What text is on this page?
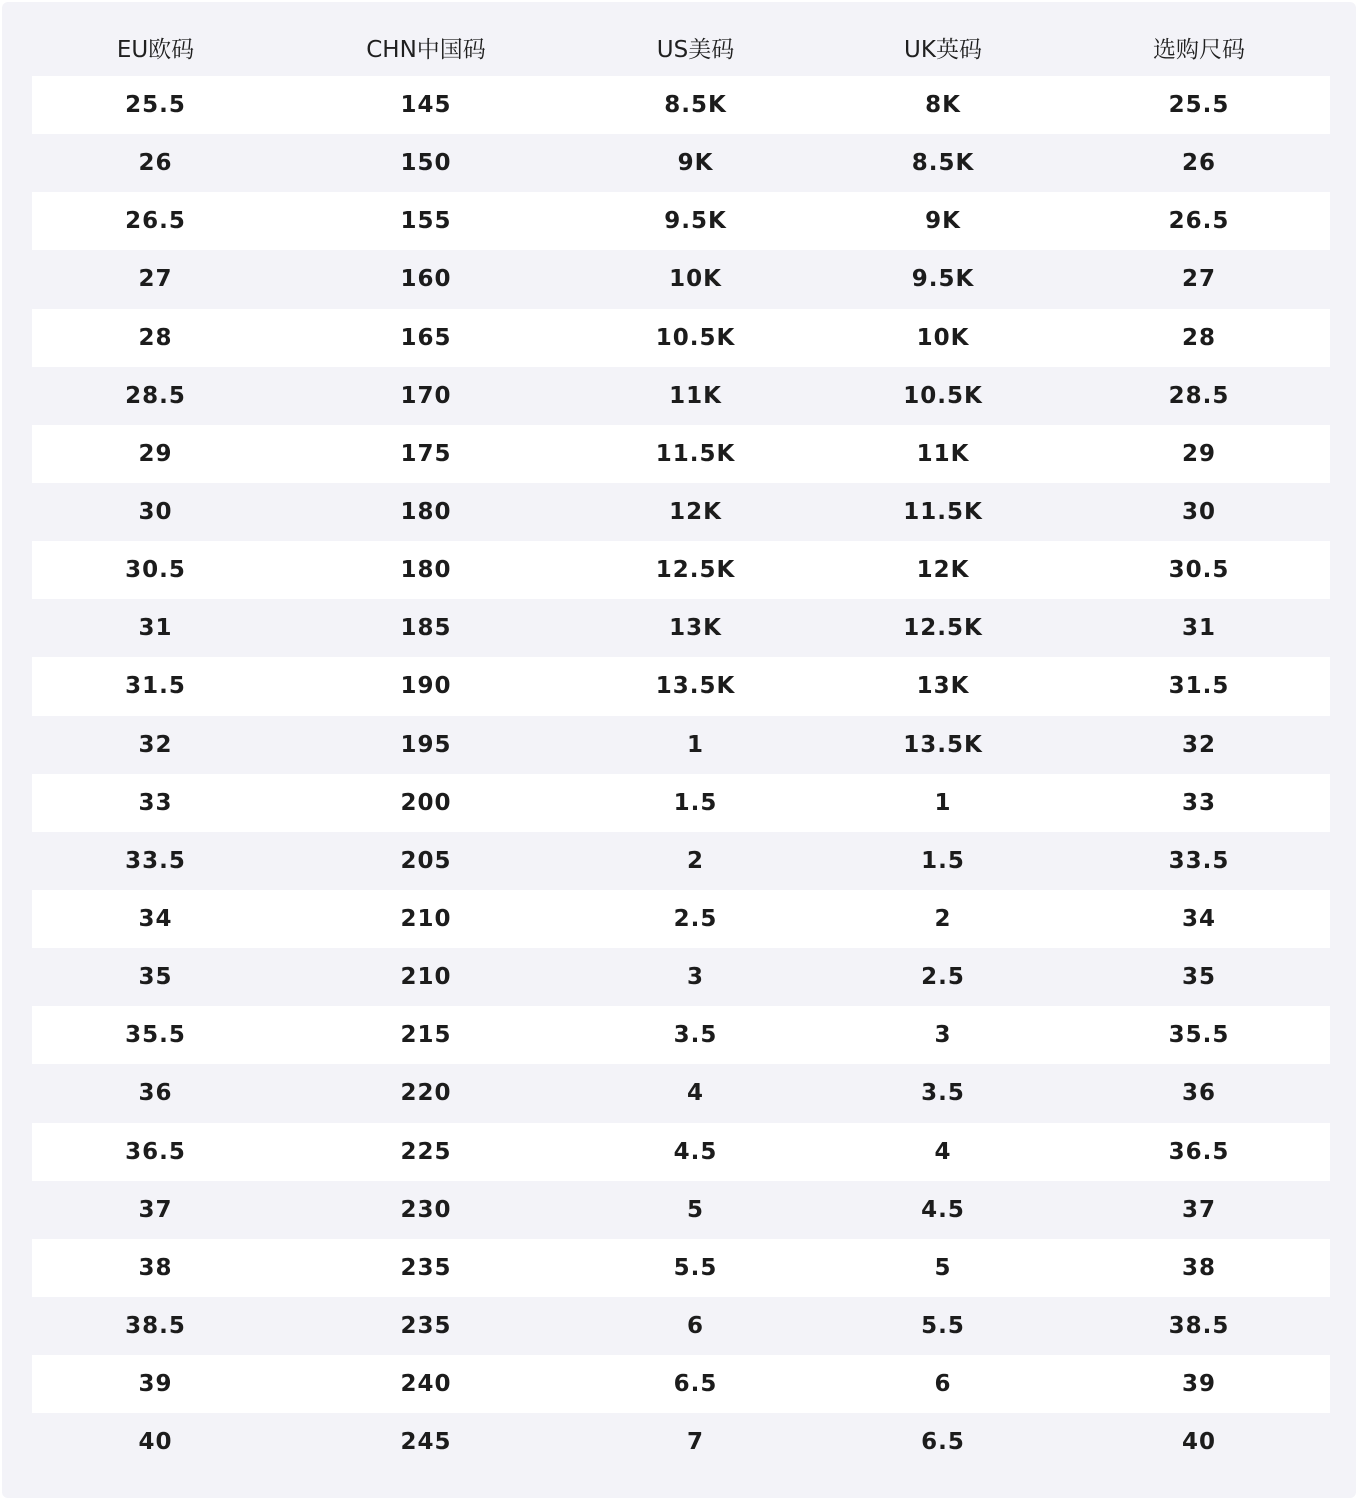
EU欧码	CHN中国码	US美码	UK英码	选购尺码
25.5	145	8.5K	8K	25.5
26	150	9K	8.5K	26
26.5	155	9.5K	9K	26.5
27	160	10K	9.5K	27
28	165	10.5K	10K	28
28.5	170	11K	10.5K	28.5
29	175	11.5K	11K	29
30	180	12K	11.5K	30
30.5	180	12.5K	12K	30.5
31	185	13K	12.5K	31
31.5	190	13.5K	13K	31.5
32	195	1	13.5K	32
33	200	1.5	1	33
33.5	205	2	1.5	33.5
34	210	2.5	2	34
35	210	3	2.5	35
35.5	215	3.5	3	35.5
36	220	4	3.5	36
36.5	225	4.5	4	36.5
37	230	5	4.5	37
38	235	5.5	5	38
38.5	235	6	5.5	38.5
39	240	6.5	6	39
40	245	7	6.5	40
